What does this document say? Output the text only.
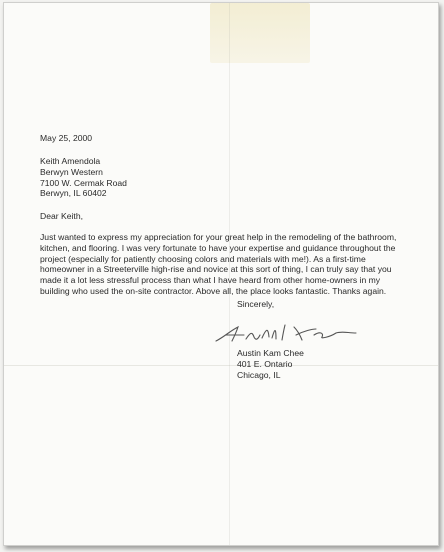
May 25, 2000
Keith Amendola
Berwyn Western
7100 W. Cermak Road
Berwyn, IL 60402
Dear Keith,
Just wanted to express my appreciation for your great help in the remodeling of the bathroom,
kitchen, and flooring. I was very fortunate to have your expertise and guidance throughout the
project (especially for patiently choosing colors and materials with me!). As a first-time
homeowner in a Streeterville high-rise and novice at this sort of thing, I can truly say that you
made it a lot less stressful process than what I have heard from other home-owners in my
building who used the on-site contractor. Above all, the place looks fantastic. Thanks again.
Sincerely,
Austin Kam Chee
401 E. Ontario
Chicago, IL
